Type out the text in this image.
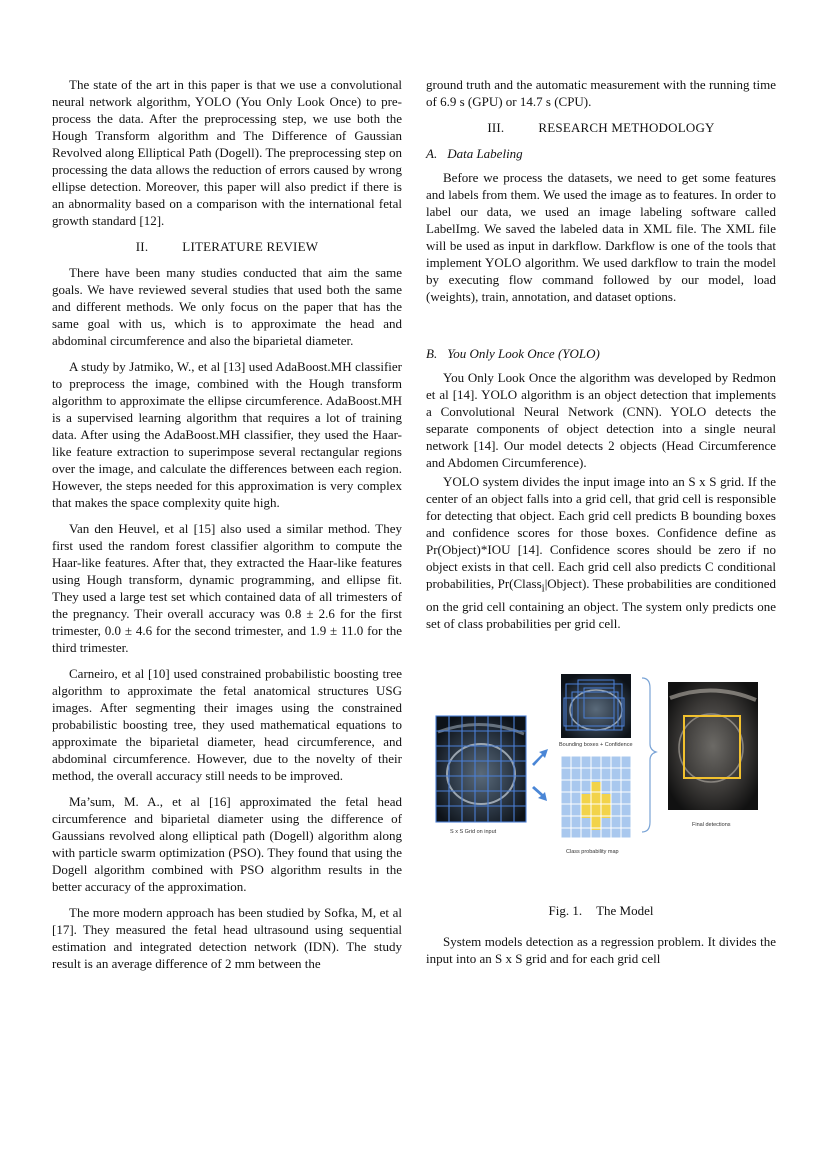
The state of the art in this paper is that we use a convolutional neural network algorithm, YOLO (You Only Look Once) to pre-process the data. After the preprocessing step, we use both the Hough Transform algorithm and The Difference of Gaussian Revolved along Elliptical Path (Dogell). The preprocessing step on processing the data allows the reduction of errors caused by wrong ellipse detection. Moreover, this paper will also predict if there is an abnormality based on a comparison with the international fetal growth standard [12].

II.	LITERATURE REVIEW

There have been many studies conducted that aim the same goals. We have reviewed several studies that used both the same and different methods. We only focus on the paper that has the same goal with us, which is to approximate the head and abdominal circumference and also the biparietal diameter.

A study by Jatmiko, W., et al [13] used AdaBoost.MH classifier to preprocess the image, combined with the Hough transform algorithm to approximate the ellipse circumference. AdaBoost.MH is a supervised learning algorithm that requires a lot of training data. After using the AdaBoost.MH classifier, they used the Haar-like feature extraction to superimpose several rectangular regions over the image, and calculate the differences between each region. However, the steps needed for this approximation is very complex that makes the space complexity quite high.

Van den Heuvel, et al [15] also used a similar method. They first used the random forest classifier algorithm to compute the Haar-like features. After that, they extracted the Haar-like features using Hough transform, dynamic programming, and ellipse fit. They used a large test set which contained data of all trimesters of the pregnancy. Their overall accuracy was 0.8 ± 2.6 for the first trimester, 0.0 ± 4.6 for the second trimester, and 1.9 ± 11.0 for the third trimester.

Carneiro, et al [10] used constrained probabilistic boosting tree algorithm to approximate the fetal anatomical structures USG images. After segmenting their images using the constrained probabilistic boosting tree, they used mathematical equations to approximate the biparietal diameter, head circumference, and abdominal circumference. However, due to the novelty of their method, the overall accuracy still needs to be improved.

Ma’sum, M. A., et al [16] approximated the fetal head circumference and biparietal diameter using the difference of Gaussians revolved along elliptical path (Dogell) algorithm along with particle swarm optimization (PSO). They found that using the Dogell algorithm combined with PSO algorithm results in the better accuracy of the approximation.

The more modern approach has been studied by Sofka, M, et al [17]. They measured the fetal head ultrasound using sequential estimation and integrated detection network (IDN). The study result is an average difference of 2 mm between the

ground truth and the automatic measurement with the running time of 6.9 s (GPU) or 14.7 s (CPU).

III.	RESEARCH METHODOLOGY
A. Data Labeling

Before we process the datasets, we need to get some features and labels from them. We used the image as to features. In order to label our data, we used an image labeling software called LabelImg. We saved the labeled data in XML file. The XML file will be used as input in darkflow. Darkflow is one of the tools that implement YOLO algorithm. We used darkflow to train the model by executing flow command followed by our model, load (weights), train, annotation, and dataset options.

B. You Only Look Once (YOLO)

You Only Look Once the algorithm was developed by Redmon et al [14]. YOLO algorithm is an object detection that implements a Convolutional Neural Network (CNN). YOLO detects the separate components of object detection into a single neural network [14]. Our model detects 2 objects (Head Circumference and Abdomen Circumference).

YOLO system divides the input image into an S x S grid. If the center of an object falls into a grid cell, that grid cell is responsible for detecting that object. Each grid cell predicts B bounding boxes and confidence scores for those boxes. Confidence define as Pr(Object)*IOU [14]. Confidence scores should be zero if no object exists in that cell. Each grid cell also predicts C conditional probabilities, Pr(Class$_i$|Object). These probabilities are conditioned on the grid cell containing an object. The system only predicts one set of class probabilities per grid cell.

S x S Grid on input
Bounding boxes + Confidence
Class probability map
Final detections
Fig. 1. The Model

System models detection as a regression problem. It divides the input into an S x S grid and for each grid cell
